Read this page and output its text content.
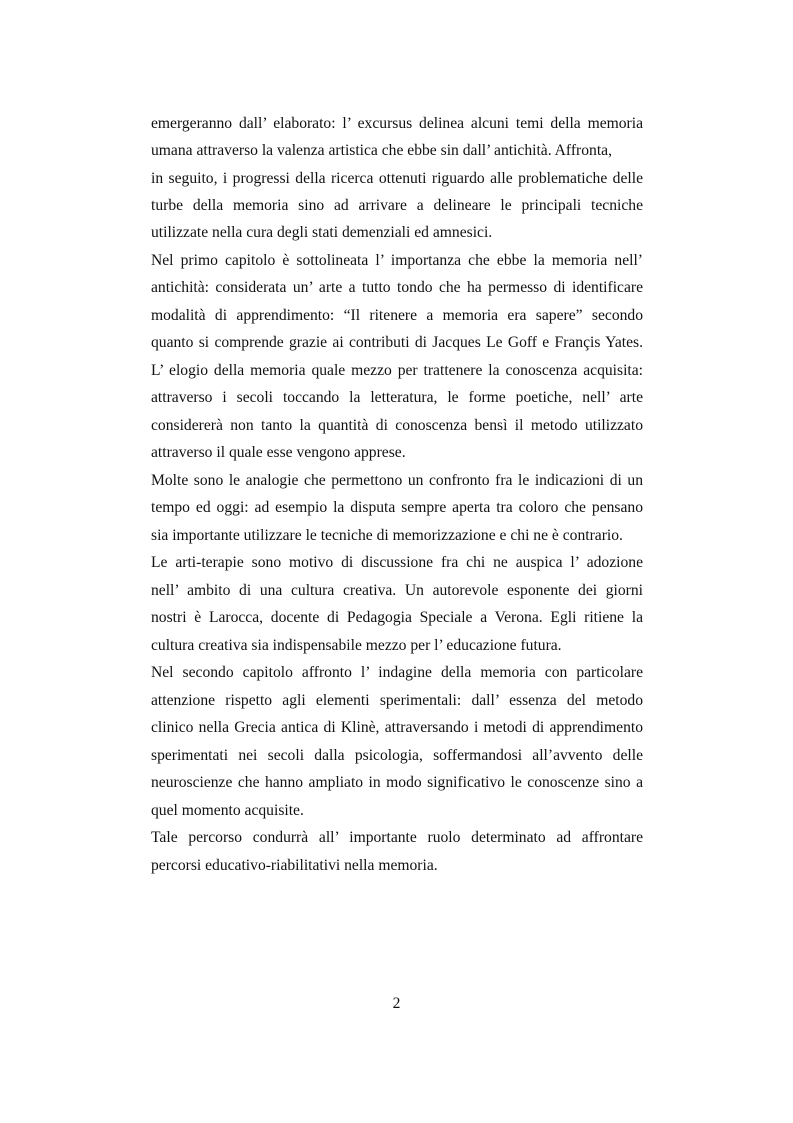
emergeranno dall’ elaborato: l’ excursus delinea alcuni temi della memoria
umana attraverso la valenza artistica che ebbe sin dall’ antichità. Affronta,
in seguito, i progressi della ricerca ottenuti riguardo alle problematiche delle
turbe della memoria sino ad arrivare a delineare le principali tecniche
utilizzate nella cura degli stati demenziali ed amnesici.
Nel primo capitolo è sottolineata l’ importanza che ebbe la memoria nell’
antichità: considerata un’ arte a tutto tondo che ha permesso di identificare
modalità di apprendimento: “Il ritenere a memoria era sapere” secondo
quanto si comprende grazie ai contributi di Jacques Le Goff e Françis Yates.
L’ elogio della memoria quale mezzo per trattenere la conoscenza acquisita:
attraverso i secoli toccando la letteratura, le forme poetiche, nell’ arte
considererà non tanto la quantità di conoscenza bensì il metodo utilizzato
attraverso il quale esse vengono apprese.
Molte sono le analogie che permettono un confronto fra le indicazioni di un
tempo ed oggi: ad esempio la disputa sempre aperta tra coloro che pensano
sia importante utilizzare le tecniche di memorizzazione e chi ne è contrario.
Le arti-terapie sono motivo di discussione fra chi ne auspica l’ adozione
nell’ ambito di una cultura creativa. Un autorevole esponente dei giorni
nostri è Larocca, docente di Pedagogia Speciale a Verona. Egli ritiene la
cultura creativa sia indispensabile mezzo per l’ educazione futura.
Nel secondo capitolo affronto l’ indagine della memoria con particolare
attenzione rispetto agli elementi sperimentali: dall’ essenza del metodo
clinico nella Grecia antica di Klinè, attraversando i metodi di apprendimento
sperimentati nei secoli dalla psicologia, soffermandosi all’avvento delle
neuroscienze che hanno ampliato in modo significativo le conoscenze sino a
quel momento acquisite.
Tale percorso condurrà all’ importante ruolo determinato ad affrontare
percorsi educativo-riabilitativi nella memoria.
2
